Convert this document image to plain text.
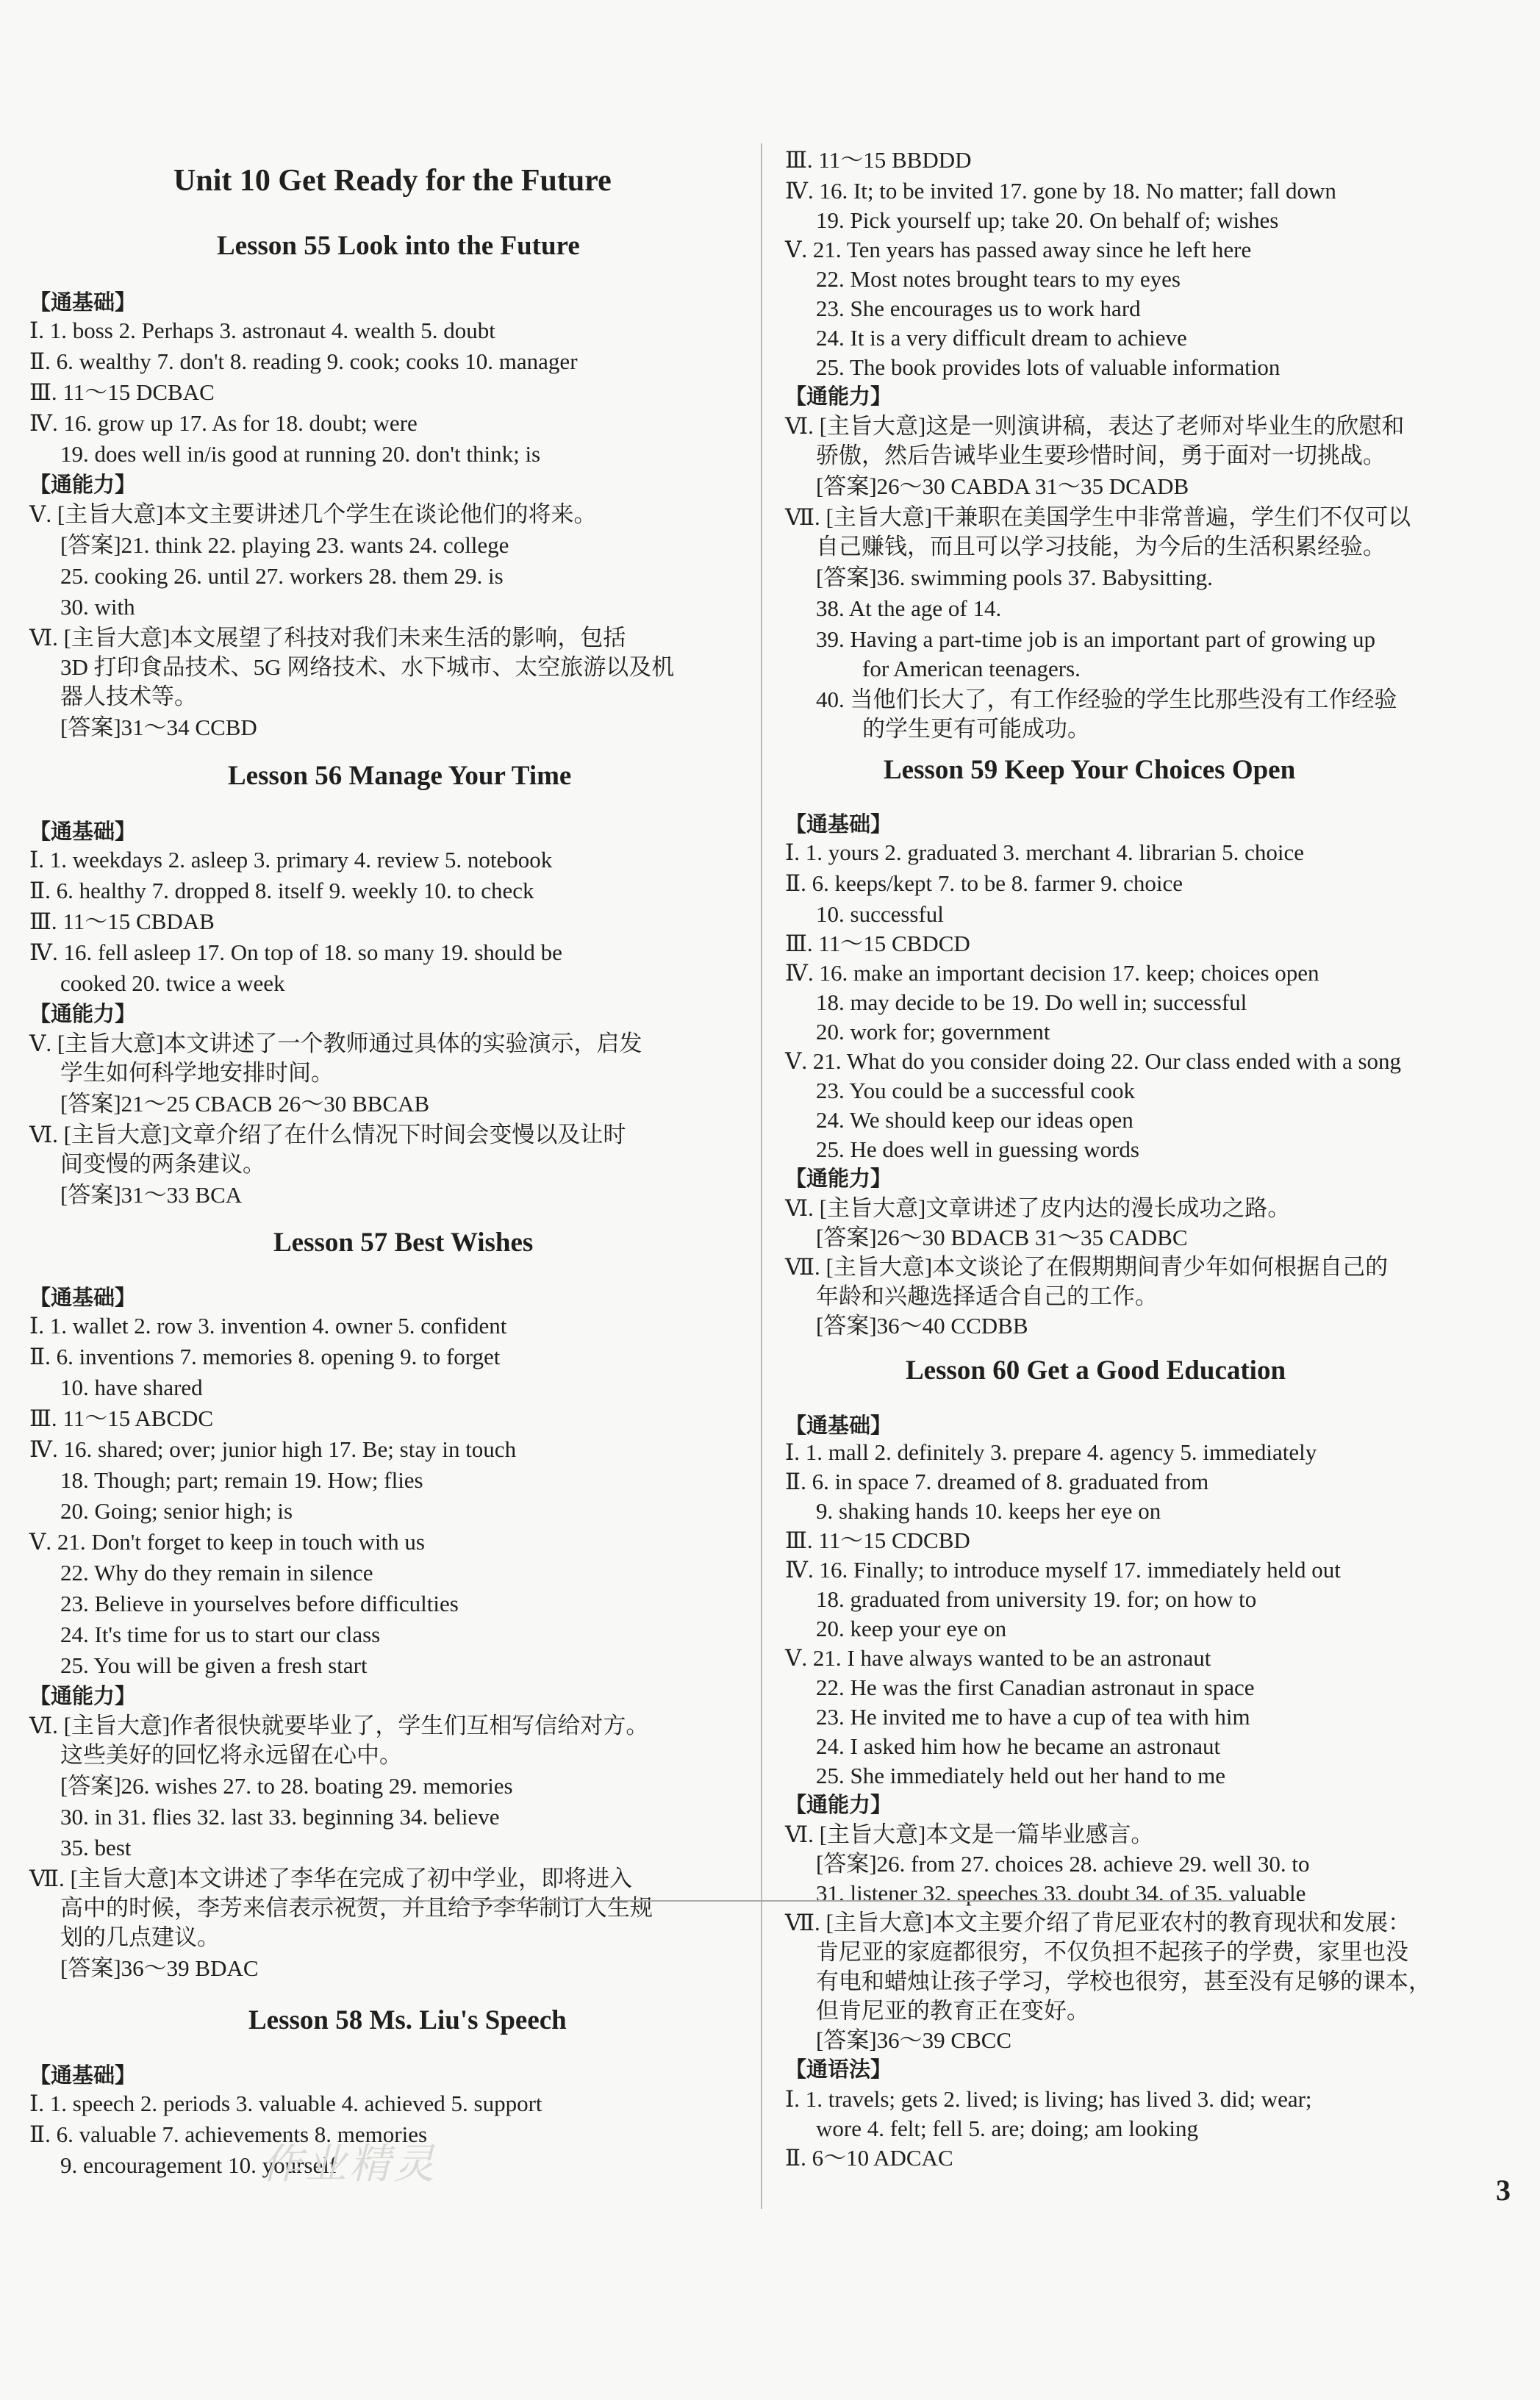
Unit 10 Get Ready for the Future
Lesson 55 Look into the Future
【通基础】
Ⅰ. 1. boss 2. Perhaps 3. astronaut 4. wealth 5. doubt
Ⅱ. 6. wealthy 7. don't 8. reading 9. cook; cooks 10. manager
Ⅲ. 11～15 DCBAC
Ⅳ. 16. grow up 17. As for 18. doubt; were
19. does well in/is good at running 20. don't think; is
【通能力】
Ⅴ. [主旨大意]本文主要讲述几个学生在谈论他们的将来。
[答案]21. think 22. playing 23. wants 24. college
25. cooking 26. until 27. workers 28. them 29. is
30. with
Ⅵ. [主旨大意]本文展望了科技对我们未来生活的影响，包括
3D 打印食品技术、5G 网络技术、水下城市、太空旅游以及机
器人技术等。
[答案]31～34 CCBD
Lesson 56 Manage Your Time
【通基础】
Ⅰ. 1. weekdays 2. asleep 3. primary 4. review 5. notebook
Ⅱ. 6. healthy 7. dropped 8. itself 9. weekly 10. to check
Ⅲ. 11～15 CBDAB
Ⅳ. 16. fell asleep 17. On top of 18. so many 19. should be
cooked 20. twice a week
【通能力】
Ⅴ. [主旨大意]本文讲述了一个教师通过具体的实验演示，启发
学生如何科学地安排时间。
[答案]21～25 CBACB 26～30 BBCAB
Ⅵ. [主旨大意]文章介绍了在什么情况下时间会变慢以及让时
间变慢的两条建议。
[答案]31～33 BCA
Lesson 57 Best Wishes
【通基础】
Ⅰ. 1. wallet 2. row 3. invention 4. owner 5. confident
Ⅱ. 6. inventions 7. memories 8. opening 9. to forget
10. have shared
Ⅲ. 11～15 ABCDC
Ⅳ. 16. shared; over; junior high 17. Be; stay in touch
18. Though; part; remain 19. How; flies
20. Going; senior high; is
Ⅴ. 21. Don't forget to keep in touch with us
22. Why do they remain in silence
23. Believe in yourselves before difficulties
24. It's time for us to start our class
25. You will be given a fresh start
【通能力】
Ⅵ. [主旨大意]作者很快就要毕业了，学生们互相写信给对方。
这些美好的回忆将永远留在心中。
[答案]26. wishes 27. to 28. boating 29. memories
30. in 31. flies 32. last 33. beginning 34. believe
35. best
Ⅶ. [主旨大意]本文讲述了李华在完成了初中学业，即将进入
高中的时候，李芳来信表示祝贺，并且给予李华制订人生规
划的几点建议。
[答案]36～39 BDAC
Lesson 58 Ms. Liu's Speech
【通基础】
Ⅰ. 1. speech 2. periods 3. valuable 4. achieved 5. support
Ⅱ. 6. valuable 7. achievements 8. memories
9. encouragement 10. yourself
Ⅲ. 11～15 BBDDD
Ⅳ. 16. It; to be invited 17. gone by 18. No matter; fall down
19. Pick yourself up; take 20. On behalf of; wishes
Ⅴ. 21. Ten years has passed away since he left here
22. Most notes brought tears to my eyes
23. She encourages us to work hard
24. It is a very difficult dream to achieve
25. The book provides lots of valuable information
【通能力】
Ⅵ. [主旨大意]这是一则演讲稿，表达了老师对毕业生的欣慰和
骄傲，然后告诫毕业生要珍惜时间，勇于面对一切挑战。
[答案]26～30 CABDA 31～35 DCADB
Ⅶ. [主旨大意]干兼职在美国学生中非常普遍，学生们不仅可以
自己赚钱，而且可以学习技能，为今后的生活积累经验。
[答案]36. swimming pools 37. Babysitting.
38. At the age of 14.
39. Having a part-time job is an important part of growing up
for American teenagers.
40. 当他们长大了，有工作经验的学生比那些没有工作经验
的学生更有可能成功。
Lesson 59 Keep Your Choices Open
【通基础】
Ⅰ. 1. yours 2. graduated 3. merchant 4. librarian 5. choice
Ⅱ. 6. keeps/kept 7. to be 8. farmer 9. choice
10. successful
Ⅲ. 11～15 CBDCD
Ⅳ. 16. make an important decision 17. keep; choices open
18. may decide to be 19. Do well in; successful
20. work for; government
Ⅴ. 21. What do you consider doing 22. Our class ended with a song
23. You could be a successful cook
24. We should keep our ideas open
25. He does well in guessing words
【通能力】
Ⅵ. [主旨大意]文章讲述了皮内达的漫长成功之路。
[答案]26～30 BDACB 31～35 CADBC
Ⅶ. [主旨大意]本文谈论了在假期期间青少年如何根据自己的
年龄和兴趣选择适合自己的工作。
[答案]36～40 CCDBB
Lesson 60 Get a Good Education
【通基础】
Ⅰ. 1. mall 2. definitely 3. prepare 4. agency 5. immediately
Ⅱ. 6. in space 7. dreamed of 8. graduated from
9. shaking hands 10. keeps her eye on
Ⅲ. 11～15 CDCBD
Ⅳ. 16. Finally; to introduce myself 17. immediately held out
18. graduated from university 19. for; on how to
20. keep your eye on
Ⅴ. 21. I have always wanted to be an astronaut
22. He was the first Canadian astronaut in space
23. He invited me to have a cup of tea with him
24. I asked him how he became an astronaut
25. She immediately held out her hand to me
【通能力】
Ⅵ. [主旨大意]本文是一篇毕业感言。
[答案]26. from 27. choices 28. achieve 29. well 30. to
31. listener 32. speeches 33. doubt 34. of 35. valuable
Ⅶ. [主旨大意]本文主要介绍了肯尼亚农村的教育现状和发展：
肯尼亚的家庭都很穷，不仅负担不起孩子的学费，家里也没
有电和蜡烛让孩子学习，学校也很穷，甚至没有足够的课本，
但肯尼亚的教育正在变好。
[答案]36～39 CBCC
【通语法】
Ⅰ. 1. travels; gets 2. lived; is living; has lived 3. did; wear;
wore 4. felt; fell 5. are; doing; am looking
Ⅱ. 6～10 ADCAC
作业精灵
3
